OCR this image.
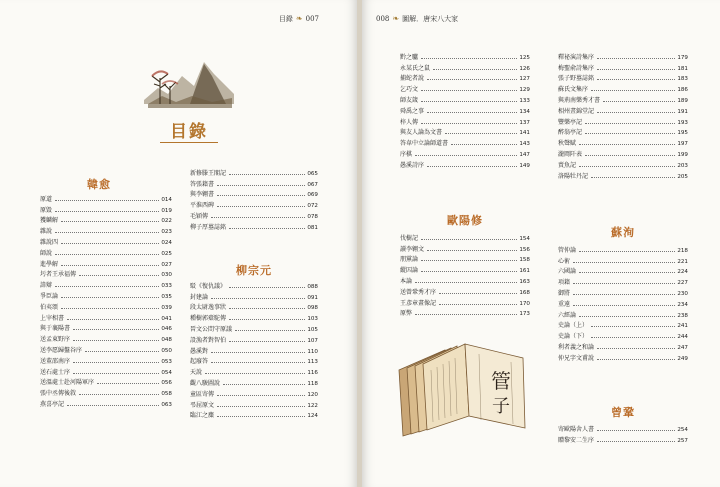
目錄 ❧ 007
目錄
韓愈
原道	014
原毀	019
獲麟解	022
雜說	023
雜說四	024
師說	025
進學解	027
圬者王承福傳	030
諱辯	033
爭臣論	035
伯夷頌	039
上宰相書	041
與于襄陽書	046
送孟東野序	048
送李愿歸盤谷序	050
送董邵南序	053
送石處士序	054
送溫處士赴河陽軍序	056
張中丞傳後敘	058
燕喜亭記	063
新修滕王閣記	065
答張籍書	067
與李翱書	069
平淮西碑	072
毛穎傳	078
柳子厚墓誌銘	081
柳宗元
駁《復仇議》	088
封建論	091
段太尉逸事狀	098
種樹郭橐駝傳	103
晉文公問守原議	105
設漁者對智伯	107
愚溪對	110
起廢答	113
天說	116
觀八駿圖說	118
童區寄傳	120
弔屈原文	122
臨江之麋	124
008 ❧ 圖解．唐宋八大家
黔之驢	125
永某氏之鼠	126
捕蛇者說	127
乞巧文	129
師友箴	133
舜禹之事	134
梓人傳	137
與友人論為文書	141
答韋中立論師道書	143
序棋	147
愚溪詩序	149
歐陽修
伐樹記	154
讀李翱文	156
朋黨論	158
縱囚論	161
本論	163
送曾鞏秀才序	168
王彥章畫像記	170
原弊	173
管
子
釋祕演詩集序	179
梅聖俞詩集序	181
張子野墓誌銘	183
蘇氏文集序	186
與荊南樂秀才書	189
相州晝錦堂記	191
豐樂亭記	193
醉翁亭記	195
秋聲賦	197
瀧岡阡表	199
賣魚記	203
洛陽牡丹記	205
蘇洵
管仲論	218
心術	221
六國論	224
項籍	227
御將	230
重遠	234
六經論	238
史論（上）	241
史論（下）	244
利者義之和論	247
仲兄字文甫說	249
曾鞏
寄歐陽舍人書	254
贈黎安二生序	257
